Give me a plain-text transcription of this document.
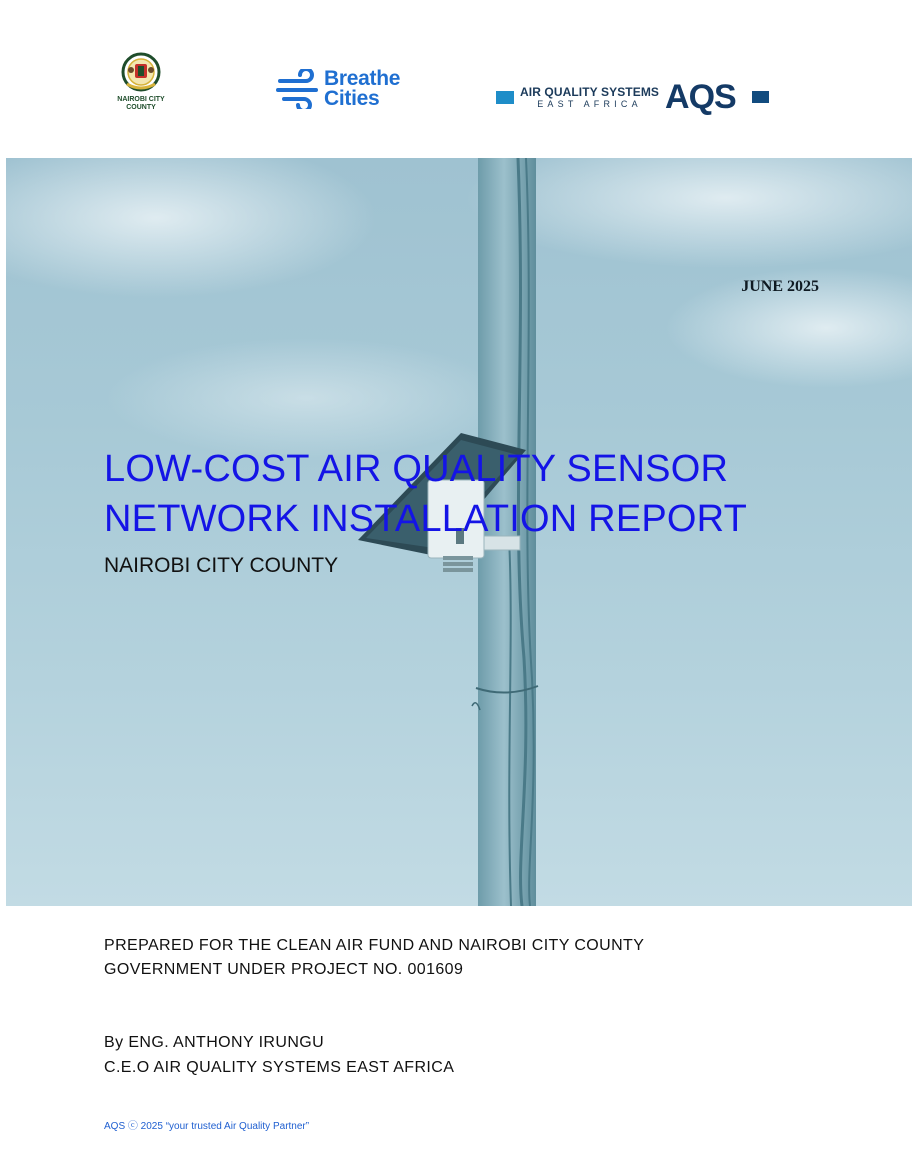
NAIROBI CITY
COUNTY
Breathe
Cities	AIR QUALITY SYSTEMS
EAST AFRICA AQS
JUNE 2025
LOW-COST AIR QUALITY SENSOR
NETWORK INSTALLATION REPORT
NAIROBI CITY COUNTY
PREPARED FOR THE CLEAN AIR FUND AND NAIROBI CITY COUNTY
GOVERNMENT UNDER PROJECT NO. 001609
By ENG. ANTHONY IRUNGU
C.E.O AIR QUALITY SYSTEMS EAST AFRICA
AQS ⓒ 2025 “your trusted Air Quality Partner”
